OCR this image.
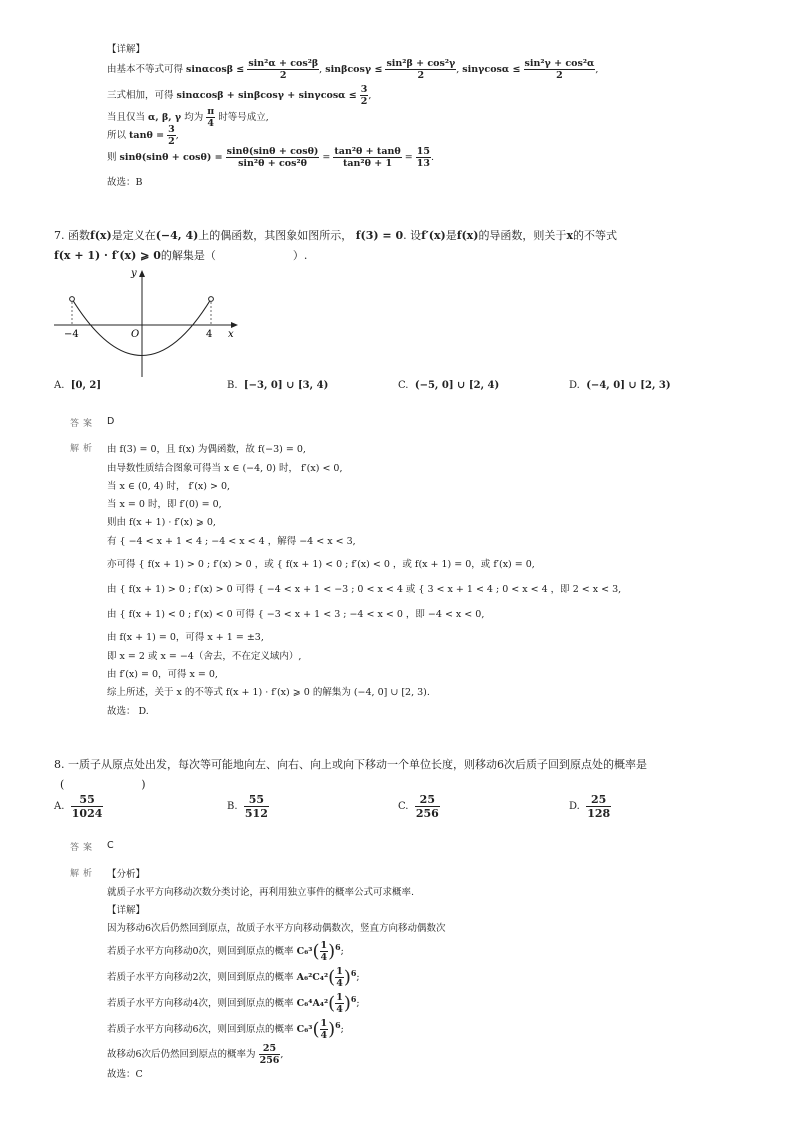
【详解】
由基本不等式可得 $\sin\alpha\cos\beta \le \frac{\text{sin²α + cos²β}}{2}$ , $\sin\beta\cos\gamma \le \frac{\text{sin²β + cos²γ}}{2}$ , $\sin\gamma\cos\alpha \le \frac{\text{sin²γ + cos²α}}{2}$ ,
三式相加，可得 $\sin\alpha\cos\beta + \sin\beta\cos\gamma + \sin\gamma\cos\alpha \le \frac{3}{2}$ ,
当且仅当 α, β, γ 均为 $\frac{\pi}{4}$ 时等号成立,
所以 $\tan\theta = \frac{3}{2}$ ,
则 $\sin\theta(\sin\theta + \cos\theta) = \frac{\sin\theta(\sin\theta + \cos\theta)}{\text{sin²θ + cos²θ}} = \frac{\text{tan²θ + tanθ}}{\text{tan²θ + 1}} = \frac{15}{13}$ .
故选：B
7. 函数f(x)是定义在(−4, 4)上的偶函数，其图象如图所示， f(3) = 0. 设f′(x)是f(x)的导函数，则关于x的不等式
f(x + 1) · f′(x) ⩾ 0的解集是（　　　　　　　）.
y
x
O
−4	4
A. [0, 2]	B. [−3, 0] ∪ [3, 4)	C. (−5, 0] ∪ [2, 4)	D. (−4, 0] ∪ [2, 3)
答案 D
解析 由 f(3) = 0，且 f(x) 为偶函数，故 f(−3) = 0,
由导数性质结合图象可得当 x ∈ (−4, 0) 时， f′(x) < 0,
当 x ∈ (0, 4) 时， f′(x) > 0,
当 x = 0 时，即 f′(0) = 0,
则由 f(x + 1) · f′(x) ⩾ 0,
有 { −4 < x + 1 < 4 ; −4 < x < 4 ，解得 −4 < x < 3,
亦可得 { f(x + 1) > 0 ; f′(x) > 0 ，或 { f(x + 1) < 0 ; f′(x) < 0 ，或 f(x + 1) = 0，或 f′(x) = 0,
由 { f(x + 1) > 0 ; f′(x) > 0 可得 { −4 < x + 1 < −3 ; 0 < x < 4 或 { 3 < x + 1 < 4 ; 0 < x < 4 ，即 2 < x < 3,
由 { f(x + 1) < 0 ; f′(x) < 0 可得 { −3 < x + 1 < 3 ; −4 < x < 0 ，即 −4 < x < 0,
由 f(x + 1) = 0，可得 x + 1 = ±3,
即 x = 2 或 x = −4（舍去，不在定义域内）,
由 f′(x) = 0，可得 x = 0,
综上所述，关于 x 的不等式 f(x + 1) · f′(x) ⩾ 0 的解集为 (−4, 0] ∪ [2, 3).
故选： D.
8. 一质子从原点处出发，每次等可能地向左、向右、向上或向下移动一个单位长度，则移动6次后质子回到原点处的概率是
(　　　　　　　)
A. $\frac{55}{1024}$	B. $\frac{55}{512}$	C. $\frac{25}{256}$	D. $\frac{25}{128}$
答案 C
解析 【分析】
就质子水平方向移动次数分类讨论，再利用独立事件的概率公式可求概率.
【详解】
因为移动6次后仍然回到原点，故质子水平方向移动偶数次，竖直方向移动偶数次
若质子水平方向移动0次，则回到原点的概率 $C_6^3( \frac{1}{4} )^6$;
若质子水平方向移动2次，则回到原点的概率 $A_6^2C_4^2( \frac{1}{4} )^6$;
若质子水平方向移动4次，则回到原点的概率 $C_6^4A_4^2( \frac{1}{4} )^6$;
若质子水平方向移动6次，则回到原点的概率 $C_6^3( \frac{1}{4} )^6$;
故移动6次后仍然回到原点的概率为 $\frac{25}{256}$ ,
故选：C
